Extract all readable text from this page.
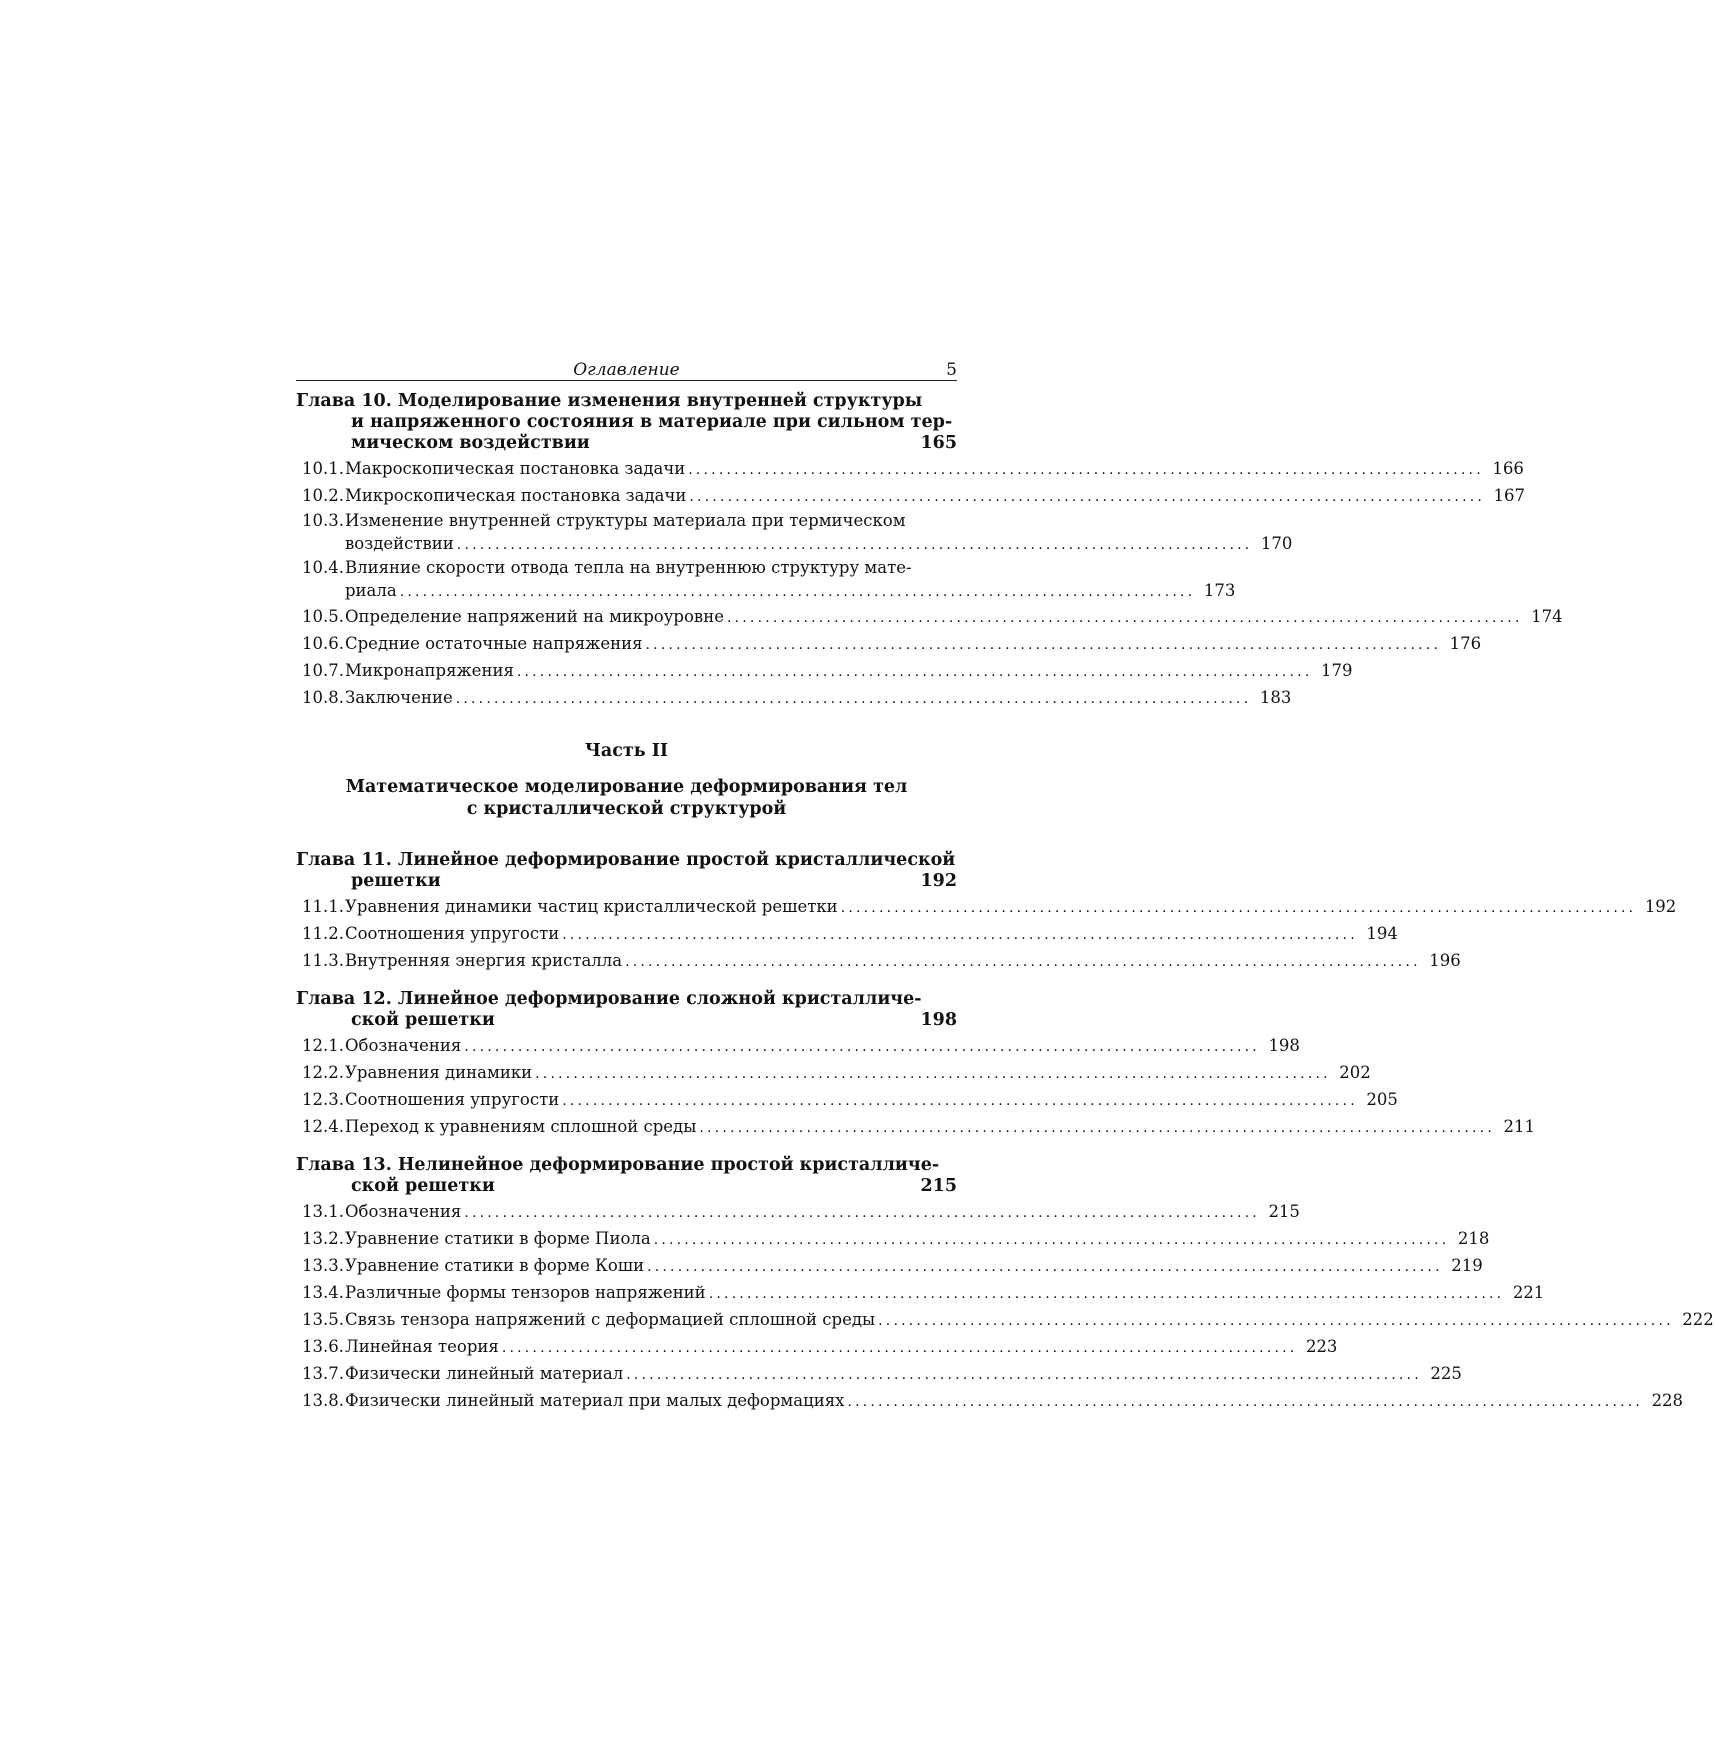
Оглавление	5
Глава 10. Моделирование изменения внутренней структуры
и напряженного состояния в материале при сильном тер-
мическом воздействии	165
10.1. Макроскопическая постановка задачи ........................................................................................................ 166
10.2. Микроскопическая постановка задачи ........................................................................................................ 167
10.3. Изменение внутренней структуры материала при термическом
воздействии ........................................................................................................ 170
10.4. Влияние скорости отвода тепла на внутреннюю структуру мате-
риала ........................................................................................................ 173
10.5. Определение напряжений на микроуровне ........................................................................................................ 174
10.6. Средние остаточные напряжения ........................................................................................................ 176
10.7. Микронапряжения ........................................................................................................ 179
10.8. Заключение ........................................................................................................ 183
Часть II
Математическое моделирование деформирования тел
с кристаллической структурой
Глава 11. Линейное деформирование простой кристаллической
решетки	192
11.1. Уравнения динамики частиц кристаллической решетки ........................................................................................................ 192
11.2. Соотношения упругости ........................................................................................................ 194
11.3. Внутренняя энергия кристалла ........................................................................................................ 196
Глава 12. Линейное деформирование сложной кристалличе-
ской решетки	198
12.1. Обозначения ........................................................................................................ 198
12.2. Уравнения динамики ........................................................................................................ 202
12.3. Соотношения упругости ........................................................................................................ 205
12.4. Переход к уравнениям сплошной среды ........................................................................................................ 211
Глава 13. Нелинейное деформирование простой кристалличе-
ской решетки	215
13.1. Обозначения ........................................................................................................ 215
13.2. Уравнение статики в форме Пиола ........................................................................................................ 218
13.3. Уравнение статики в форме Коши ........................................................................................................ 219
13.4. Различные формы тензоров напряжений ........................................................................................................ 221
13.5. Связь тензора напряжений с деформацией сплошной среды ........................................................................................................ 222
13.6. Линейная теория ........................................................................................................ 223
13.7. Физически линейный материал ........................................................................................................ 225
13.8. Физически линейный материал при малых деформациях ........................................................................................................ 228
